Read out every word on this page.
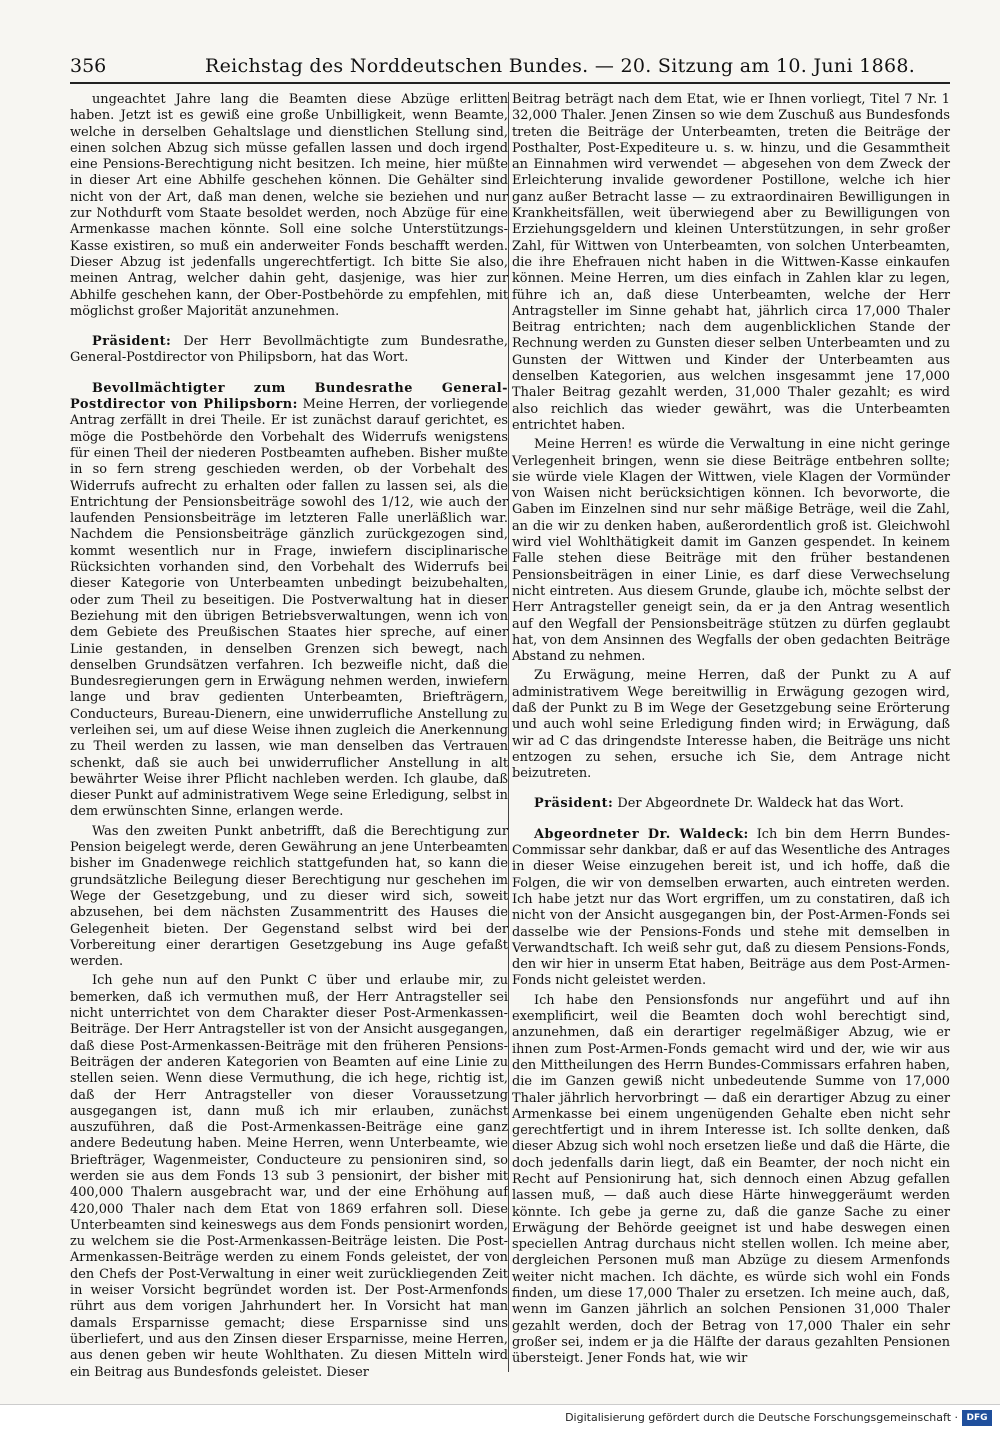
356	Reichstag des Norddeutschen Bundes. — 20. Sitzung am 10. Juni 1868.

ungeachtet Jahre lang die Beamten diese Abzüge erlitten haben. Jetzt ist es gewiß eine große Unbilligkeit, wenn Beamte, welche in derselben Gehaltslage und dienstlichen Stellung sind, einen solchen Abzug sich müsse gefallen lassen und doch irgend eine Pensions-Berechtigung nicht besitzen. Ich meine, hier müßte in dieser Art eine Abhilfe geschehen können. Die Gehälter sind nicht von der Art, daß man denen, welche sie beziehen und nur zur Nothdurft vom Staate besoldet werden, noch Abzüge für eine Armenkasse machen könnte. Soll eine solche Unterstützungs-Kasse existiren, so muß ein anderweiter Fonds beschafft werden. Dieser Abzug ist jedenfalls ungerechtfertigt. Ich bitte Sie also, meinen Antrag, welcher dahin geht, dasjenige, was hier zur Abhilfe geschehen kann, der Ober-Postbehörde zu empfehlen, mit möglichst großer Majorität anzunehmen.

Präsident: Der Herr Bevollmächtigte zum Bundesrathe, General-Postdirector von Philipsborn, hat das Wort.

Bevollmächtigter zum Bundesrathe General-Postdirector von Philipsborn: Meine Herren, der vorliegende Antrag zerfällt in drei Theile. Er ist zunächst darauf gerichtet, es möge die Postbehörde den Vorbehalt des Widerrufs wenigstens für einen Theil der niederen Postbeamten aufheben. Bisher mußte in so fern streng geschieden werden, ob der Vorbehalt des Widerrufs aufrecht zu erhalten oder fallen zu lassen sei, als die Entrichtung der Pensionsbeiträge sowohl des 1/12, wie auch der laufenden Pensionsbeiträge im letzteren Falle unerläßlich war. Nachdem die Pensionsbeiträge gänzlich zurückgezogen sind, kommt wesentlich nur in Frage, inwiefern disciplinarische Rücksichten vorhanden sind, den Vorbehalt des Widerrufs bei dieser Kategorie von Unterbeamten unbedingt beizubehalten, oder zum Theil zu beseitigen. Die Postverwaltung hat in dieser Beziehung mit den übrigen Betriebsverwaltungen, wenn ich von dem Gebiete des Preußischen Staates hier spreche, auf einer Linie gestanden, in denselben Grenzen sich bewegt, nach denselben Grundsätzen verfahren. Ich bezweifle nicht, daß die Bundesregierungen gern in Erwägung nehmen werden, inwiefern lange und brav gedienten Unterbeamten, Briefträgern, Conducteurs, Bureau-Dienern, eine unwiderrufliche Anstellung zu verleihen sei, um auf diese Weise ihnen zugleich die Anerkennung zu Theil werden zu lassen, wie man denselben das Vertrauen schenkt, daß sie auch bei unwiderruflicher Anstellung in alt bewährter Weise ihrer Pflicht nachleben werden. Ich glaube, daß dieser Punkt auf administrativem Wege seine Erledigung, selbst in dem erwünschten Sinne, erlangen werde.

Was den zweiten Punkt anbetrifft, daß die Berechtigung zur Pension beigelegt werde, deren Gewährung an jene Unterbeamten bisher im Gnadenwege reichlich stattgefunden hat, so kann die grundsätzliche Beilegung dieser Berechtigung nur geschehen im Wege der Gesetzgebung, und zu dieser wird sich, soweit abzusehen, bei dem nächsten Zusammentritt des Hauses die Gelegenheit bieten. Der Gegenstand selbst wird bei der Vorbereitung einer derartigen Gesetzgebung ins Auge gefaßt werden.

Ich gehe nun auf den Punkt C über und erlaube mir, zu bemerken, daß ich vermuthen muß, der Herr Antragsteller sei nicht unterrichtet von dem Charakter dieser Post-Armenkassen-Beiträge. Der Herr Antragsteller ist von der Ansicht ausgegangen, daß diese Post-Armenkassen-Beiträge mit den früheren Pensions-Beiträgen der anderen Kategorien von Beamten auf eine Linie zu stellen seien. Wenn diese Vermuthung, die ich hege, richtig ist, daß der Herr Antragsteller von dieser Voraussetzung ausgegangen ist, dann muß ich mir erlauben, zunächst auszuführen, daß die Post-Armenkassen-Beiträge eine ganz andere Bedeutung haben. Meine Herren, wenn Unterbeamte, wie Briefträger, Wagenmeister, Conducteure zu pensioniren sind, so werden sie aus dem Fonds 13 sub 3 pensionirt, der bisher mit 400,000 Thalern ausgebracht war, und der eine Erhöhung auf 420,000 Thaler nach dem Etat von 1869 erfahren soll. Diese Unterbeamten sind keineswegs aus dem Fonds pensionirt worden, zu welchem sie die Post-Armenkassen-Beiträge leisten. Die Post-Armenkassen-Beiträge werden zu einem Fonds geleistet, der von den Chefs der Post-Verwaltung in einer weit zurückliegenden Zeit in weiser Vorsicht begründet worden ist. Der Post-Armenfonds rührt aus dem vorigen Jahrhundert her. In Vorsicht hat man damals Ersparnisse gemacht; diese Ersparnisse sind uns überliefert, und aus den Zinsen dieser Ersparnisse, meine Herren, aus denen geben wir heute Wohlthaten. Zu diesen Mitteln wird ein Beitrag aus Bundesfonds geleistet. Dieser

Beitrag beträgt nach dem Etat, wie er Ihnen vorliegt, Titel 7 Nr. 1 32,000 Thaler. Jenen Zinsen so wie dem Zuschuß aus Bundesfonds treten die Beiträge der Unterbeamten, treten die Beiträge der Posthalter, Post-Expediteure u. s. w. hinzu, und die Gesammtheit an Einnahmen wird verwendet — abgesehen von dem Zweck der Erleichterung invalide gewordener Postillone, welche ich hier ganz außer Betracht lasse — zu extraordinairen Bewilligungen in Krankheitsfällen, weit überwiegend aber zu Bewilligungen von Erziehungsgeldern und kleinen Unterstützungen, in sehr großer Zahl, für Wittwen von Unterbeamten, von solchen Unterbeamten, die ihre Ehefrauen nicht haben in die Wittwen-Kasse einkaufen können. Meine Herren, um dies einfach in Zahlen klar zu legen, führe ich an, daß diese Unterbeamten, welche der Herr Antragsteller im Sinne gehabt hat, jährlich circa 17,000 Thaler Beitrag entrichten; nach dem augenblicklichen Stande der Rechnung werden zu Gunsten dieser selben Unterbeamten und zu Gunsten der Wittwen und Kinder der Unterbeamten aus denselben Kategorien, aus welchen insgesammt jene 17,000 Thaler Beitrag gezahlt werden, 31,000 Thaler gezahlt; es wird also reichlich das wieder gewährt, was die Unterbeamten entrichtet haben.

Meine Herren! es würde die Verwaltung in eine nicht geringe Verlegenheit bringen, wenn sie diese Beiträge entbehren sollte; sie würde viele Klagen der Wittwen, viele Klagen der Vormünder von Waisen nicht berücksichtigen können. Ich bevorworte, die Gaben im Einzelnen sind nur sehr mäßige Beträge, weil die Zahl, an die wir zu denken haben, außerordentlich groß ist. Gleichwohl wird viel Wohlthätigkeit damit im Ganzen gespendet. In keinem Falle stehen diese Beiträge mit den früher bestandenen Pensionsbeiträgen in einer Linie, es darf diese Verwechselung nicht eintreten. Aus diesem Grunde, glaube ich, möchte selbst der Herr Antragsteller geneigt sein, da er ja den Antrag wesentlich auf den Wegfall der Pensionsbeiträge stützen zu dürfen geglaubt hat, von dem Ansinnen des Wegfalls der oben gedachten Beiträge Abstand zu nehmen.

Zu Erwägung, meine Herren, daß der Punkt zu A auf administrativem Wege bereitwillig in Erwägung gezogen wird, daß der Punkt zu B im Wege der Gesetzgebung seine Erörterung und auch wohl seine Erledigung finden wird; in Erwägung, daß wir ad C das dringendste Interesse haben, die Beiträge uns nicht entzogen zu sehen, ersuche ich Sie, dem Antrage nicht beizutreten.

Präsident: Der Abgeordnete Dr. Waldeck hat das Wort.

Abgeordneter Dr. Waldeck: Ich bin dem Herrn Bundes-Commissar sehr dankbar, daß er auf das Wesentliche des Antrages in dieser Weise einzugehen bereit ist, und ich hoffe, daß die Folgen, die wir von demselben erwarten, auch eintreten werden. Ich habe jetzt nur das Wort ergriffen, um zu constatiren, daß ich nicht von der Ansicht ausgegangen bin, der Post-Armen-Fonds sei dasselbe wie der Pensions-Fonds und stehe mit demselben in Verwandtschaft. Ich weiß sehr gut, daß zu diesem Pensions-Fonds, den wir hier in unserm Etat haben, Beiträge aus dem Post-Armen-Fonds nicht geleistet werden.

Ich habe den Pensionsfonds nur angeführt und auf ihn exemplificirt, weil die Beamten doch wohl berechtigt sind, anzunehmen, daß ein derartiger regelmäßiger Abzug, wie er ihnen zum Post-Armen-Fonds gemacht wird und der, wie wir aus den Mittheilungen des Herrn Bundes-Commissars erfahren haben, die im Ganzen gewiß nicht unbedeutende Summe von 17,000 Thaler jährlich hervorbringt — daß ein derartiger Abzug zu einer Armenkasse bei einem ungenügenden Gehalte eben nicht sehr gerechtfertigt und in ihrem Interesse ist. Ich sollte denken, daß dieser Abzug sich wohl noch ersetzen ließe und daß die Härte, die doch jedenfalls darin liegt, daß ein Beamter, der noch nicht ein Recht auf Pensionirung hat, sich dennoch einen Abzug gefallen lassen muß, — daß auch diese Härte hinweggeräumt werden könnte. Ich gebe ja gerne zu, daß die ganze Sache zu einer Erwägung der Behörde geeignet ist und habe deswegen einen speciellen Antrag durchaus nicht stellen wollen. Ich meine aber, dergleichen Personen muß man Abzüge zu diesem Armenfonds weiter nicht machen. Ich dächte, es würde sich wohl ein Fonds finden, um diese 17,000 Thaler zu ersetzen. Ich meine auch, daß, wenn im Ganzen jährlich an solchen Pensionen 31,000 Thaler gezahlt werden, doch der Betrag von 17,000 Thaler ein sehr großer sei, indem er ja die Hälfte der daraus gezahlten Pensionen übersteigt. Jener Fonds hat, wie wir

Digitalisierung gefördert durch die Deutsche Forschungsgemeinschaft · DFG
